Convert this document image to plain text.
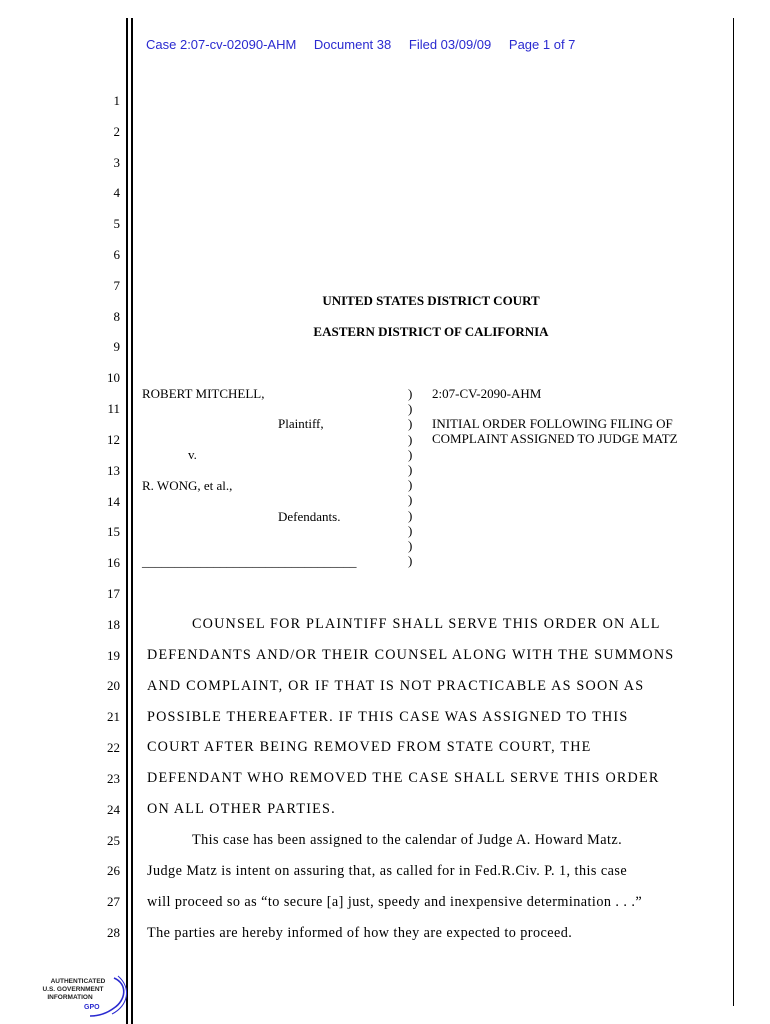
Case 2:07-cv-02090-AHM Document 38 Filed 03/09/09 Page 1 of 7
1
2
3
4
5
6
7
8
9
10
11
12
13
14
15
16
17
18
19
20
21
22
23
24
25
26
27
28
UNITED STATES DISTRICT COURT
EASTERN DISTRICT OF CALIFORNIA
ROBERT MITCHELL,
Plaintiff,
v.
R. WONG, et al.,
Defendants.
_________________________________
)
)
)
)
)
)
)
)
)
)
)
)
2:07-CV-2090-AHM
INITIAL ORDER FOLLOWING FILING OF
COMPLAINT ASSIGNED TO JUDGE MATZ
COUNSEL FOR PLAINTIFF SHALL SERVE THIS ORDER ON ALL
DEFENDANTS AND/OR THEIR COUNSEL ALONG WITH THE SUMMONS
AND COMPLAINT, OR IF THAT IS NOT PRACTICABLE AS SOON AS
POSSIBLE THEREAFTER. IF THIS CASE WAS ASSIGNED TO THIS
COURT AFTER BEING REMOVED FROM STATE COURT, THE
DEFENDANT WHO REMOVED THE CASE SHALL SERVE THIS ORDER
ON ALL OTHER PARTIES.
This case has been assigned to the calendar of Judge A. Howard Matz.
Judge Matz is intent on assuring that, as called for in Fed.R.Civ. P. 1, this case
will proceed so as “to secure [a] just, speedy and inexpensive determination . . .”
The parties are hereby informed of how they are expected to proceed.
AUTHENTICATED
U.S. GOVERNMENT
INFORMATION
GPO
